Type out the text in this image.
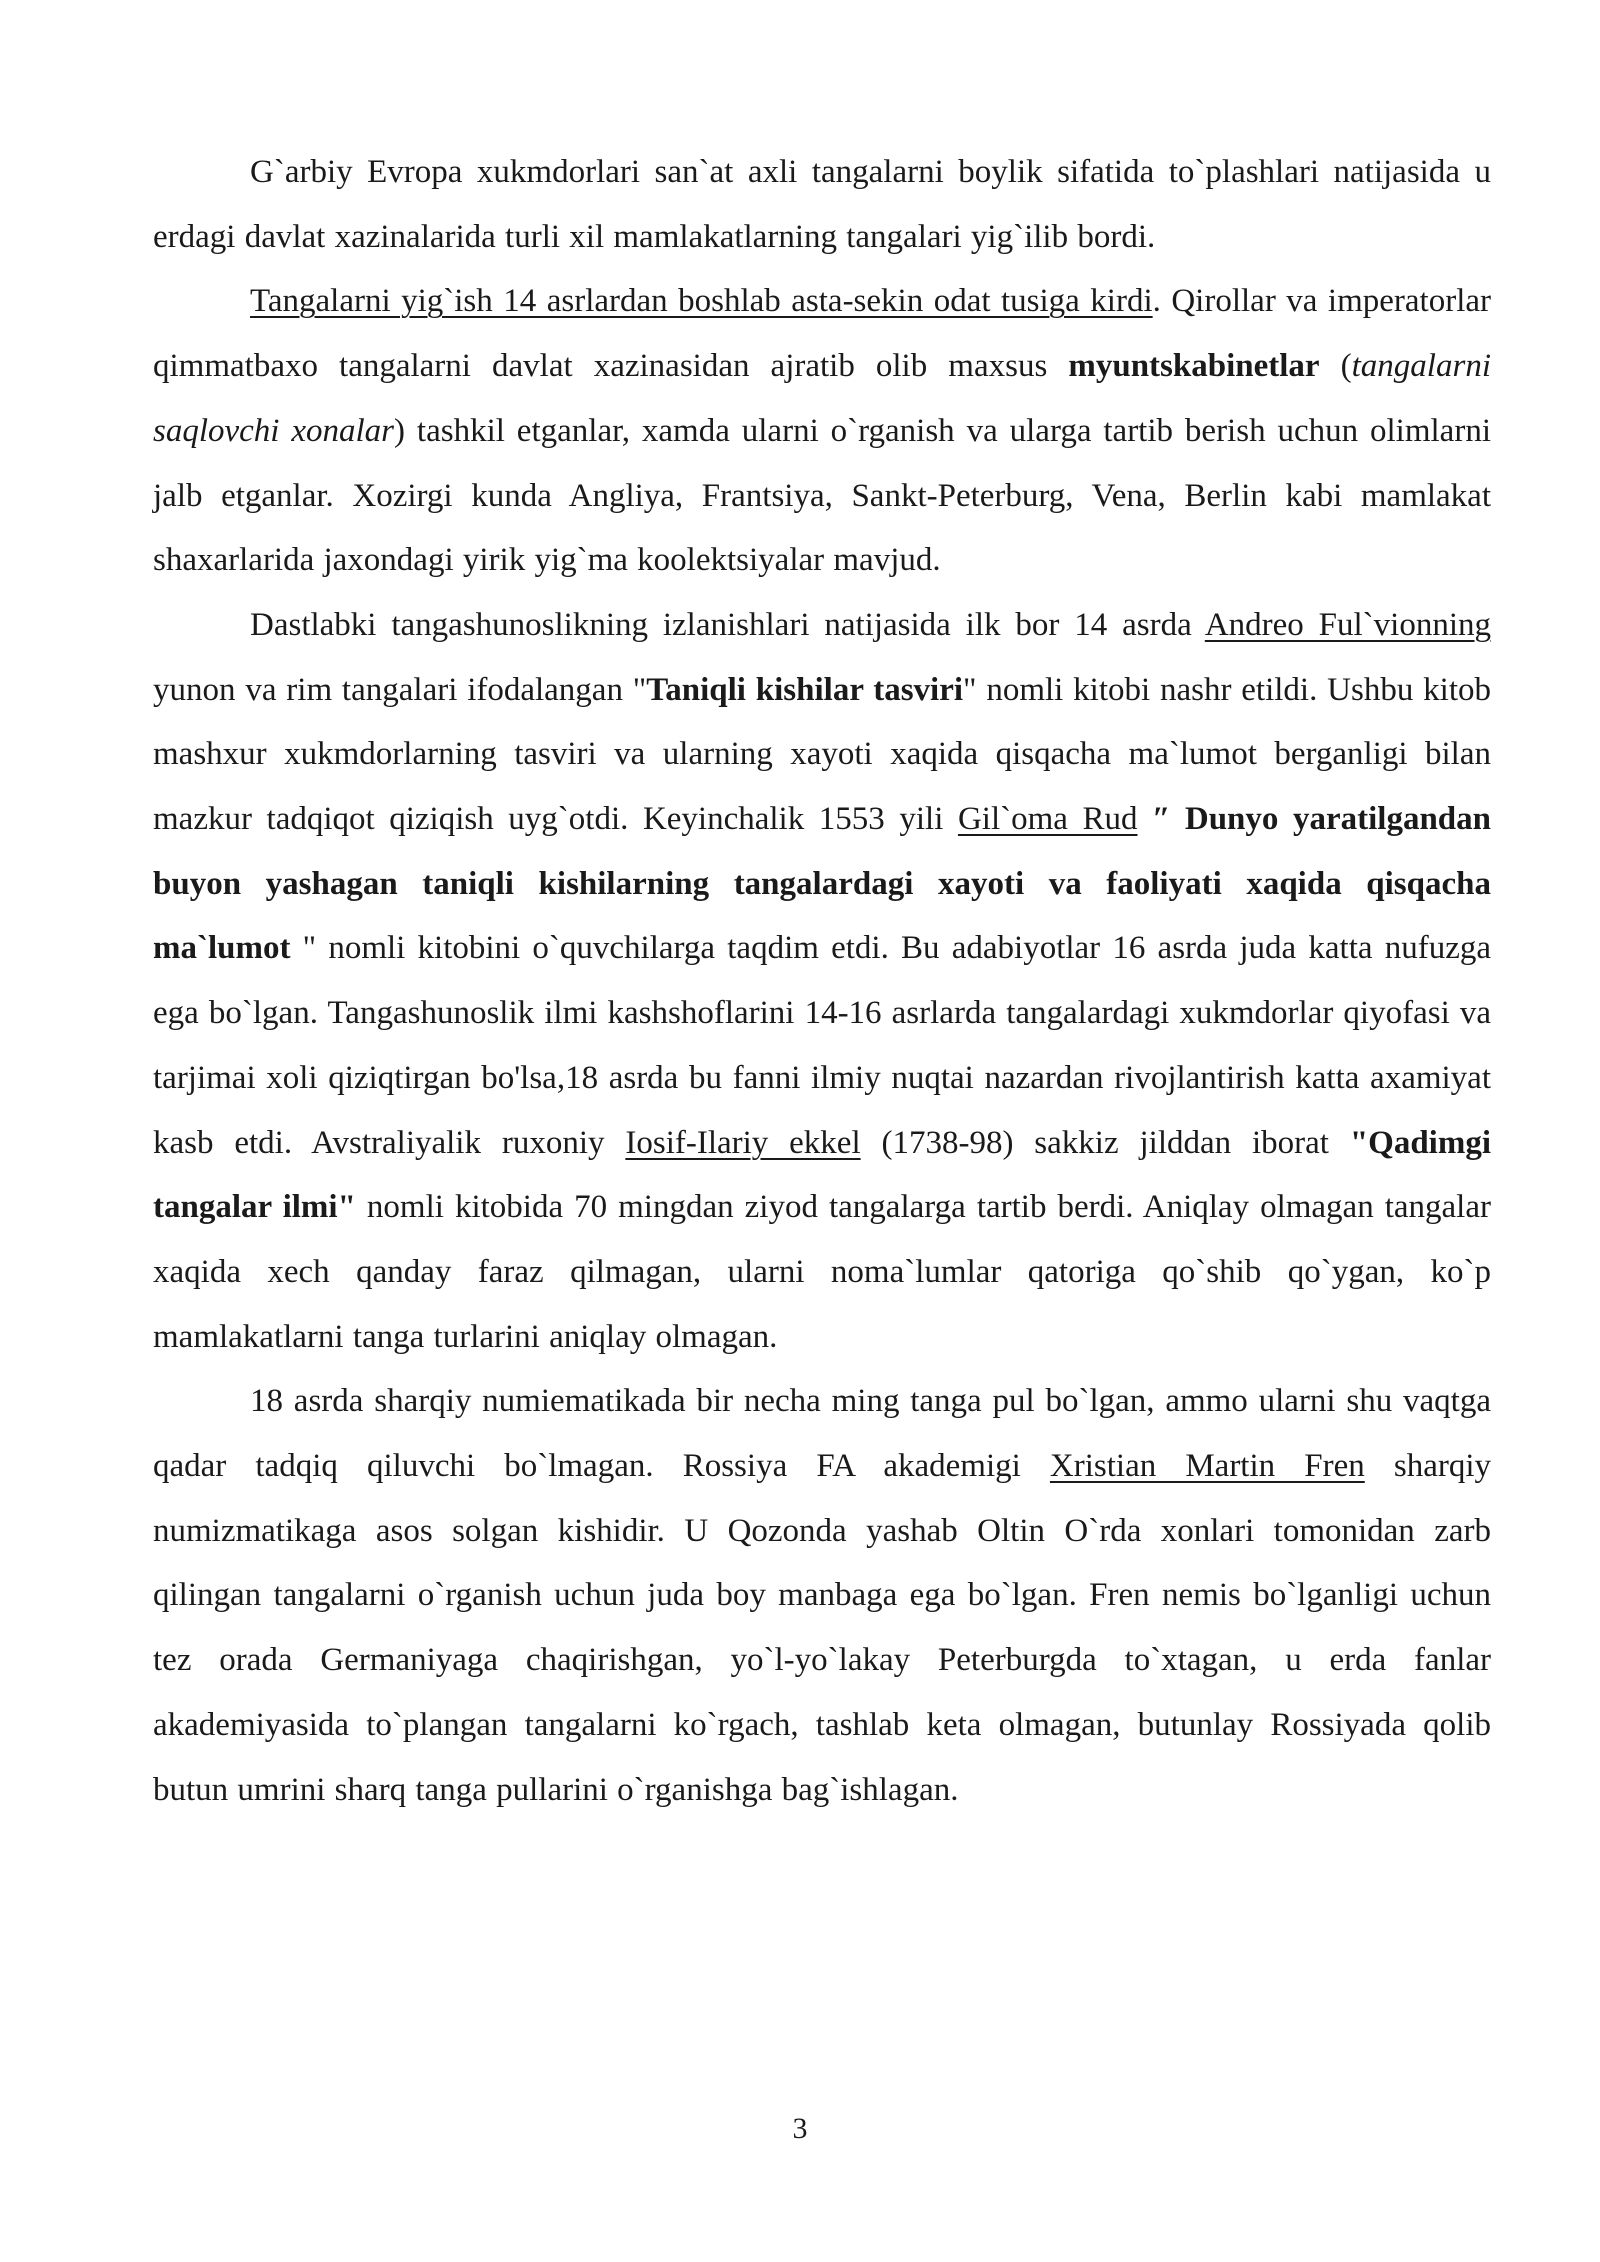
G`arbiy Evropa xukmdorlari san`at axli tangalarni boylik sifatida to`plashlari natijasida u erdagi davlat xazinalarida turli xil mamlakatlarning tangalari yig`ilib bordi.

Tangalarni yig`ish 14 asrlardan boshlab asta-sekin odat tusiga kirdi. Qirollar va imperatorlar qimmatbaxo tangalarni davlat xazinasidan ajratib olib maxsus myuntskabinetlar (tangalarni saqlovchi xonalar) tashkil etganlar, xamda ularni o`rganish va ularga tartib berish uchun olimlarni jalb etganlar. Xozirgi kunda Angliya, Frantsiya, Sankt-Peterburg, Vena, Berlin kabi mamlakat shaxarlarida jaxondagi yirik yig`ma koolektsiyalar mavjud.

Dastlabki tangashunoslikning izlanishlari natijasida ilk bor 14 asrda Andreo Ful`vionning yunon va rim tangalari ifodalangan "Taniqli kishilar tasviri" nomli kitobi nashr etildi. Ushbu kitob mashxur xukmdorlarning tasviri va ularning xayoti xaqida qisqacha ma`lumot berganligi bilan mazkur tadqiqot qiziqish uyg`otdi. Keyinchalik 1553 yili Gil`oma Rud ″ Dunyo yaratilgandan buyon yashagan taniqli kishilarning tangalardagi xayoti va faoliyati xaqida qisqacha ma`lumot " nomli kitobini o`quvchilarga taqdim etdi. Bu adabiyotlar 16 asrda juda katta nufuzga ega bo`lgan. Tangashunoslik ilmi kashshoflarini 14-16 asrlarda tangalardagi xukmdorlar qiyofasi va tarjimai xoli qiziqtirgan bo'lsa,18 asrda bu fanni ilmiy nuqtai nazardan rivojlantirish katta axamiyat kasb etdi. Avstraliyalik ruxoniy Iosif-Ilariy ekkel (1738-98) sakkiz jilddan iborat "Qadimgi tangalar ilmi" nomli kitobida 70 mingdan ziyod tangalarga tartib berdi. Aniqlay olmagan tangalar xaqida xech qanday faraz qilmagan, ularni noma`lumlar qatoriga qo`shib qo`ygan, ko`p mamlakatlarni tanga turlarini aniqlay olmagan.

18 asrda sharqiy numiematikada bir necha ming tanga pul bo`lgan, ammo ularni shu vaqtga qadar tadqiq qiluvchi bo`lmagan. Rossiya FA akademigi Xristian Martin Fren sharqiy numizmatikaga asos solgan kishidir. U Qozonda yashab Oltin O`rda xonlari tomonidan zarb qilingan tangalarni o`rganish uchun juda boy manbaga ega bo`lgan. Fren nemis bo`lganligi uchun tez orada Germaniyaga chaqirishgan, yo`l-yo`lakay Peterburgda to`xtagan, u erda fanlar akademiyasida to`plangan tangalarni ko`rgach, tashlab keta olmagan, butunlay Rossiyada qolib butun umrini sharq tanga pullarini o`rganishga bag`ishlagan.

3
